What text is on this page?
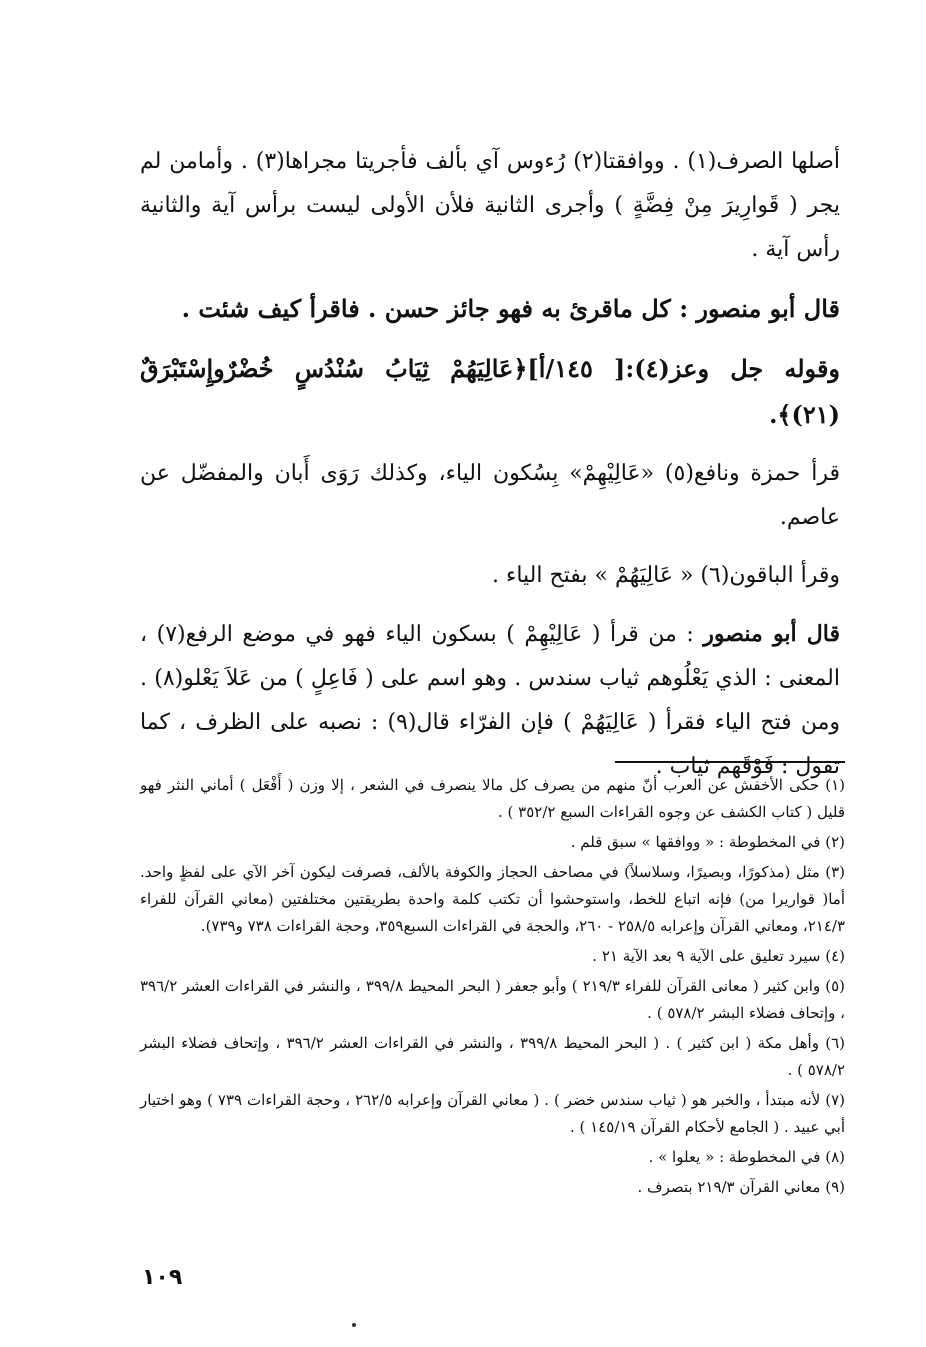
أصلها الصرف(١) . ووافقتا(٢) رُءوس آي بألف فأجريتا مجراها(٣) . وأمامن لم يجر ( قَوارِيرَ مِنْ فِضَّةٍ ) وأجرى الثانية فلأن الأولى ليست برأس آية والثانية رأس آية .

قال أبو منصور : كل ماقرئ به فهو جائز حسن . فاقرأ كيف شئت .

وقوله جل وعز(٤):[ ١٤٥/أ]﴿عَالِيَهُمْ ثِيَابُ سُنْدُسٍ خُضْرٌوإِسْتَبْرَقٌ (٢١)﴾.

قرأ حمزة ونافع(٥) «عَالِيْهِمْ» بِسُكون الياء، وكذلك رَوَى أَبان والمفضّل عن عاصم.

وقرأ الباقون(٦) « عَالِيَهُمْ » بفتح الياء .

قال أبو منصور : من قرأ ( عَالِيْهِمْ ) بسكون الياء فهو في موضع الرفع(٧) ، المعنى : الذي يَعْلُوهم ثياب سندس . وهو اسم على ( فَاعِلٍ ) من عَلاَ يَعْلو(٨) . ومن فتح الياء فقرأ ( عَالِيَهُمْ ) فإن الفرّاء قال(٩) : نصبه على الظرف ، كما تقول : فَوْقَهم ثياب .

(١) حكى الأخفش عن العرب أنّ منهم من يصرف كل مالا ينصرف في الشعر ، إلا وزن ( أَفْعَل ) أماني النثر فهو قليل ( كتاب الكشف عن وجوه القراءات السبع ٣٥٢/٢ ) .

(٢) في المخطوطة : « ووافقها » سبق قلم .

(٣) مثل (مذكورًا، وبصيرًا، وسلاسلاً) في مصاحف الحجاز والكوفة بالألف، فصرفت ليكون آخر الآي على لفظٍ واحد. أما( قواريرا من) فإنه اتباع للخط، واستوحشوا أن تكتب كلمة واحدة بطريقتين مختلفتين (معاني القرآن للفراء ٢١٤/٣، ومعاني القرآن وإعرابه ٢٥٨/٥ - ٢٦٠، والحجة في القراءات السبع٣٥٩، وحجة القراءات ٧٣٨ و٧٣٩).

(٤) سيرد تعليق على الآية ٩ بعد الآية ٢١ .

(٥) وابن كثير ( معانى القرآن للفراء ٢١٩/٣ ) وأبو جعفر ( البحر المحيط ٣٩٩/٨ ، والنشر في القراءات العشر ٣٩٦/٢ ، وإتحاف فضلاء البشر ٥٧٨/٢ ) .

(٦) وأهل مكة ( ابن كثير ) . ( البحر المحيط ٣٩٩/٨ ، والنشر في القراءات العشر ٣٩٦/٢ ، وإتحاف فضلاء البشر ٥٧٨/٢ ) .

(٧) لأنه مبتدأ ، والخبر هو ( ثياب سندس خضر ) . ( معاني القرآن وإعرابه ٢٦٢/٥ ، وحجة القراءات ٧٣٩ ) وهو اختيار أبي عبيد . ( الجامع لأحكام القرآن ١٤٥/١٩ ) .

(٨) في المخطوطة : « يعلوا » .

(٩) معاني القرآن ٢١٩/٣ بتصرف .

١٠٩
